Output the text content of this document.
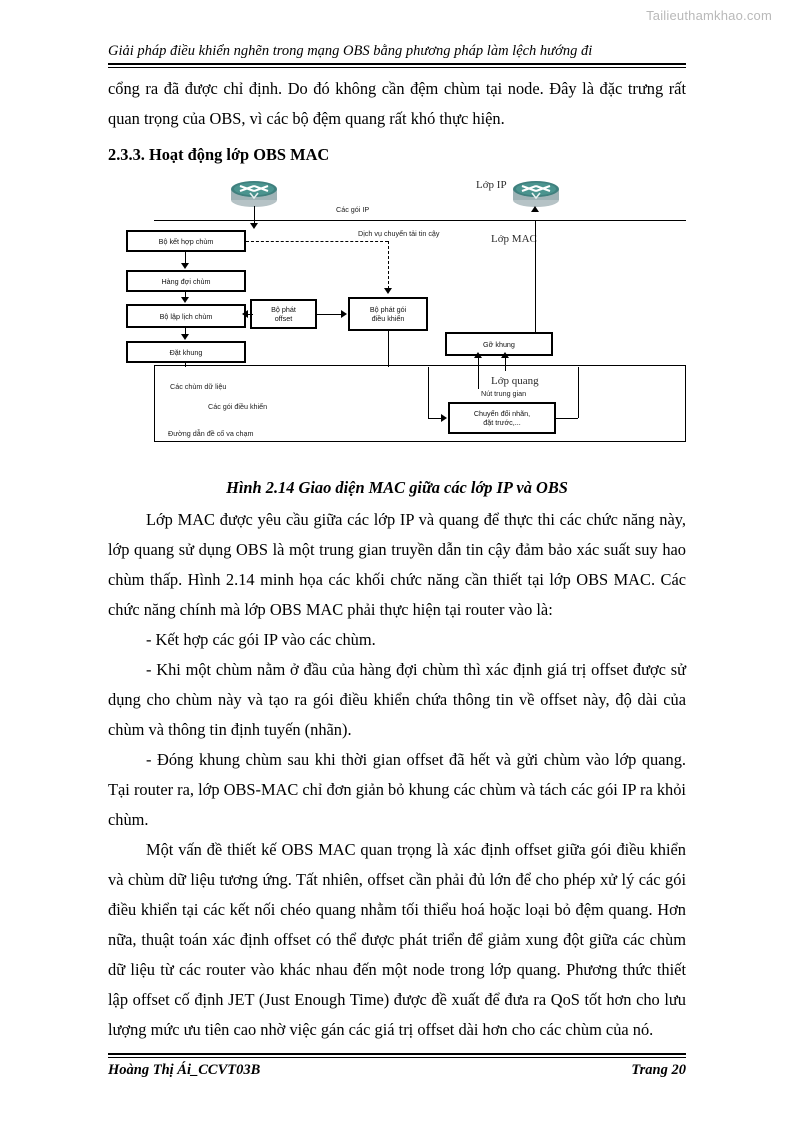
Tailieuthamkhao.com
Giải pháp điều khiển nghẽn trong mạng OBS bằng phương pháp làm lệch hướng đi

cổng ra đã được chỉ định. Do đó không cần đệm chùm tại node. Đây là đặc trưng rất quan trọng của OBS, vì các bộ đệm quang rất khó thực hiện.

2.3.3. Hoạt động lớp OBS MAC

Lớp IP
Lớp MAC
Lớp quang
Các gói IP
Dịch vụ chuyển tải tin cậy
Bộ kết hợp chùm
Hàng đợi chùm
Bộ lập lịch chùm
Đặt khung
Bộ phát
offset
Bộ phát gói
điều khiển
Gỡ khung
Chuyển đổi nhãn,
đặt trước,...
Các chùm dữ liệu
Các gói điều khiển
Đường dẫn đề cố va chạm
Nút trung gian
Hình 2.14 Giao diện MAC giữa các lớp IP và OBS

Lớp MAC được yêu cầu giữa các lớp IP và quang để thực thi các chức năng này, lớp quang sử dụng OBS là một trung gian truyền dẫn tin cậy đảm bảo xác suất suy hao chùm thấp. Hình 2.14 minh họa các khối chức năng cần thiết tại lớp OBS MAC. Các chức năng chính mà lớp OBS MAC phải thực hiện tại router vào là:

- Kết hợp các gói IP vào các chùm.

- Khi một chùm nằm ở đầu của hàng đợi chùm thì xác định giá trị offset được sử dụng cho chùm này và tạo ra gói điều khiển chứa thông tin về offset này, độ dài của chùm và thông tin định tuyến (nhãn).

- Đóng khung chùm sau khi thời gian offset đã hết và gửi chùm vào lớp quang. Tại router ra, lớp OBS-MAC chỉ đơn giản bỏ khung các chùm và tách các gói IP ra khỏi chùm.

Một vấn đề thiết kế OBS MAC quan trọng là xác định offset giữa gói điều khiển và chùm dữ liệu tương ứng. Tất nhiên, offset cần phải đủ lớn để cho phép xử lý các gói điều khiển tại các kết nối chéo quang nhằm tối thiểu hoá hoặc loại bỏ đệm quang. Hơn nữa, thuật toán xác định offset có thể được phát triển để giảm xung đột giữa các chùm dữ liệu từ các router vào khác nhau đến một node trong lớp quang. Phương thức thiết lập offset cố định JET (Just Enough Time) được đề xuất để đưa ra QoS tốt hơn cho lưu lượng mức ưu tiên cao nhờ việc gán các giá trị offset dài hơn cho các chùm của nó.

Hoàng Thị Ái_CCVT03B	Trang 20
